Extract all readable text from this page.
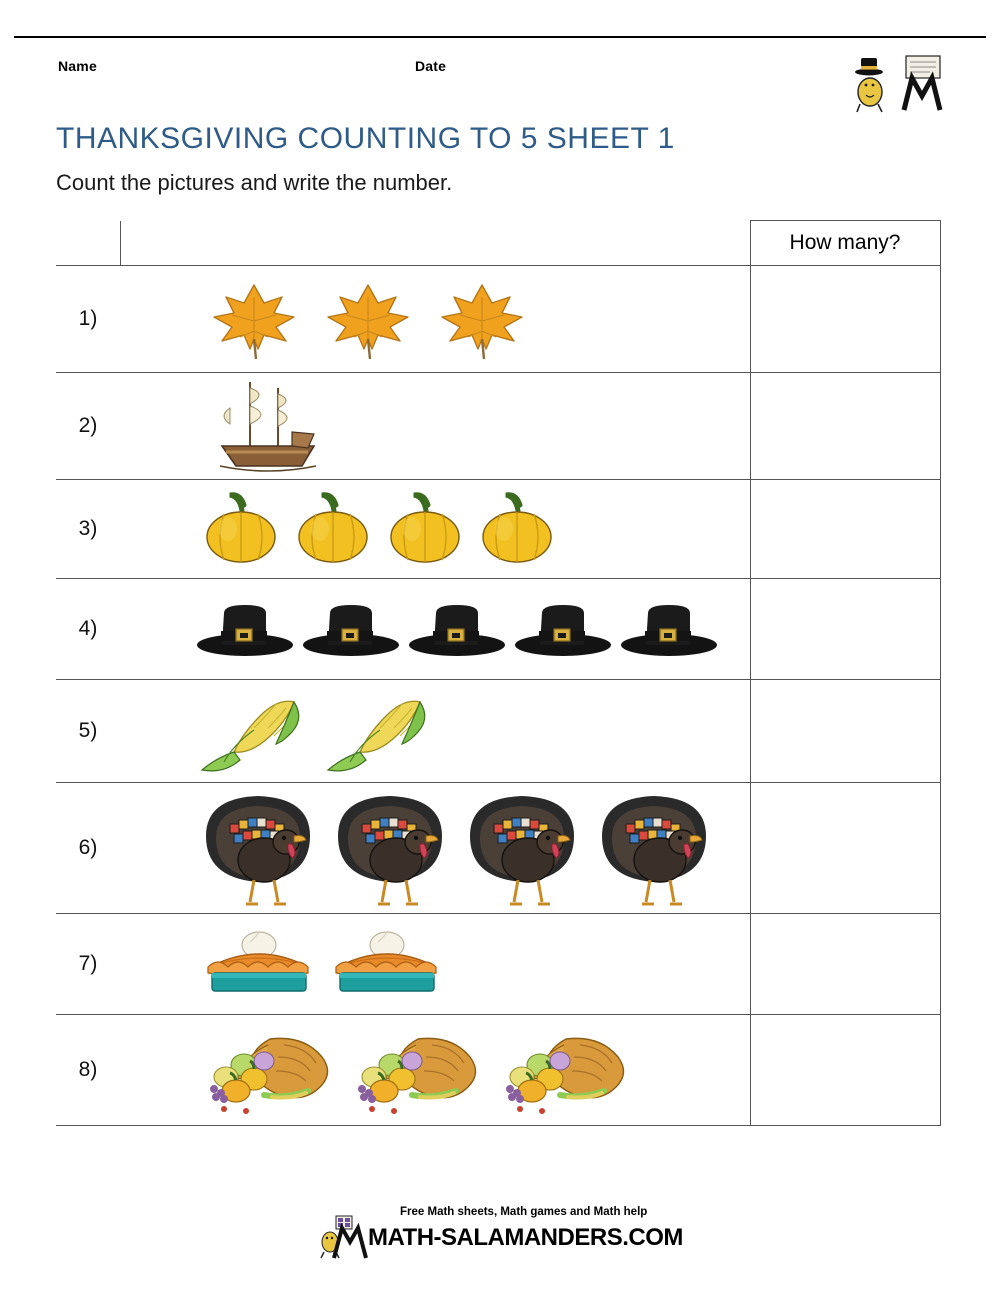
Name	Date
THANKSGIVING COUNTING TO 5 SHEET 1
Count the pictures and write the number.
		How many?
1)	

2)	

3)	

4)	

5)	

6)	

7)	

8)	

Free Math sheets, Math games and Math help
MATH-SALAMANDERS.COM
